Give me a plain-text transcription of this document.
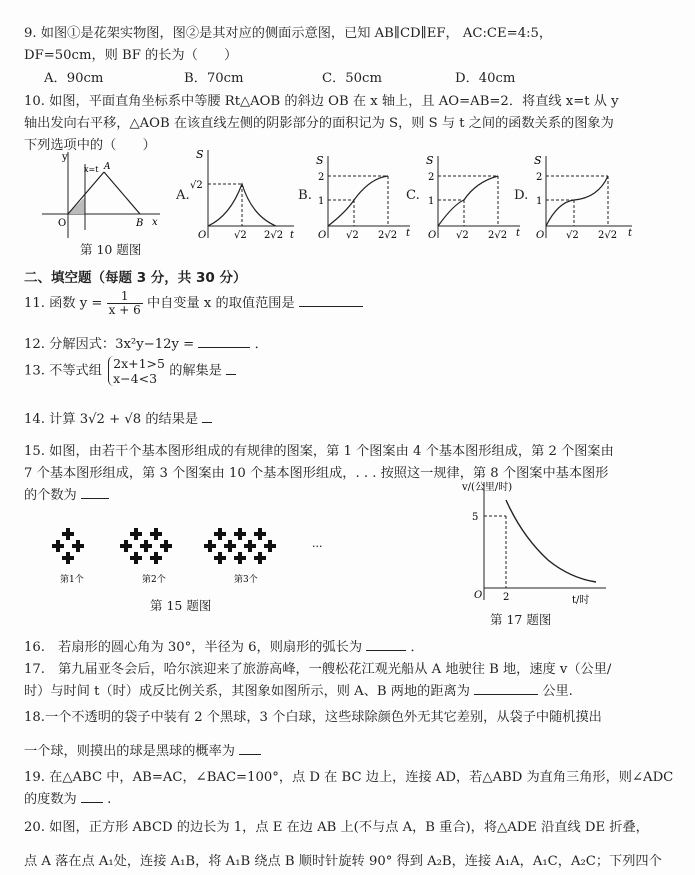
9. 如图①是花架实物图，图②是其对应的侧面示意图，已知 AB∥CD∥EF， AC:CE=4:5，
DF=50cm，则 BF 的长为（　　）
A．90cm	B．70cm	C．50cm	D．40cm
10. 如图，平面直角坐标系中等腰 Rt△AOB 的斜边 OB 在 x 轴上，且 AO=AB=2．将直线 x=t 从 y
轴出发向右平移，△AOB 在该直线左侧的阴影部分的面积记为 S，则 S 与 t 之间的函数关系的图象为
下列选项中的（　　）
y
x=t A
O	B x
第 10 题图
A.
S
√2
O	√2 2√2 t
B.
S
2
1
O √2 2√2 t
C.
S
2
1
O √2 2√2 t
D.
S
2
1
O √2 2√2 t
二、填空题（每题 3 分，共 30 分）
11. 函数 $y = \frac{1}{x + 6}$ 中自变量 x 的取值范围是
12. 分解因式：3x²y−12y =	．
13. 不等式组 2x+1>5
x−4<3 的解集是
14. 计算 3√2 + √8 的结果是
15. 如图，由若干个基本图形组成的有规律的图案，第 1 个图案由 4 个基本图形组成，第 2 个图案由
7 个基本图形组成，第 3 个图案由 10 个基本图形组成，. . . 按照这一规律，第 8 个图案中基本图形
的个数为
···
第1个	第2个	第3个
第 15 题图
v/(公里/时)
5
O 2	t/时
第 17 题图
16.　若扇形的圆心角为 30°，半径为 6，则扇形的弧长为	．
17.　第九届亚冬会后，哈尔滨迎来了旅游高峰，一艘松花江观光船从 A 地驶往 B 地，速度 v（公里/
时）与时间 t（时）成反比例关系，其图象如图所示，则 A、B 两地的距离为	公里.
18.一个不透明的袋子中装有 2 个黑球，3 个白球，这些球除颜色外无其它差别，从袋子中随机摸出
一个球，则摸出的球是黑球的概率为
19. 在△ABC 中，AB=AC，∠BAC=100°，点 D 在 BC 边上，连接 AD，若△ABD 为直角三角形，则∠ADC
的度数为 .
20. 如图，正方形 ABCD 的边长为 1，点 E 在边 AB 上(不与点 A，B 重合)，将△ADE 沿直线 DE 折叠，
点 A 落在点 A₁处，连接 A₁B，将 A₁B 绕点 B 顺时针旋转 90° 得到 A₂B，连接 A₁A，A₁C，A₂C；下列四个
